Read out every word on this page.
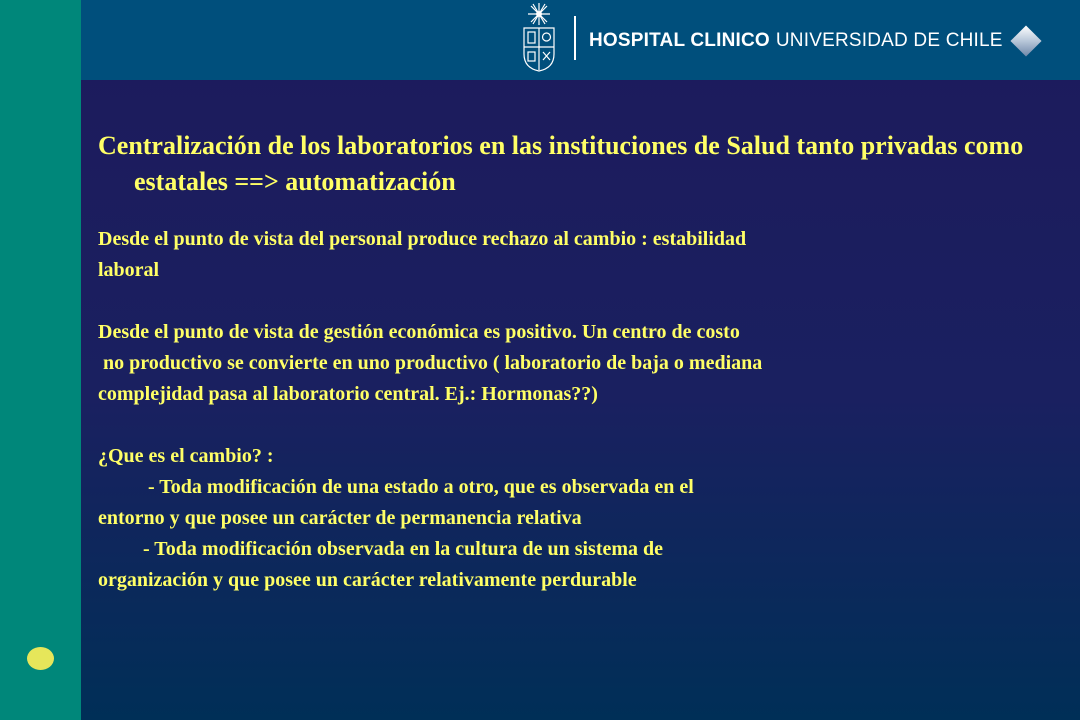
HOSPITAL CLINICO UNIVERSIDAD DE CHILE

Centralización de los laboratorios en las instituciones de Salud tanto privadas como estatales ==> automatización

Desde el punto de vista del personal produce rechazo al cambio : estabilidad

laboral

Desde el punto de vista de gestión económica es positivo. Un centro de costo

no productivo se convierte en uno productivo ( laboratorio de baja o mediana

complejidad pasa al laboratorio central. Ej.: Hormonas??)

¿Que es el cambio? :

- Toda modificación de una estado a otro, que es observada en el

entorno y que posee un carácter de permanencia relativa

- Toda modificación observada en la cultura de un sistema de

organización y que posee un carácter relativamente perdurable
